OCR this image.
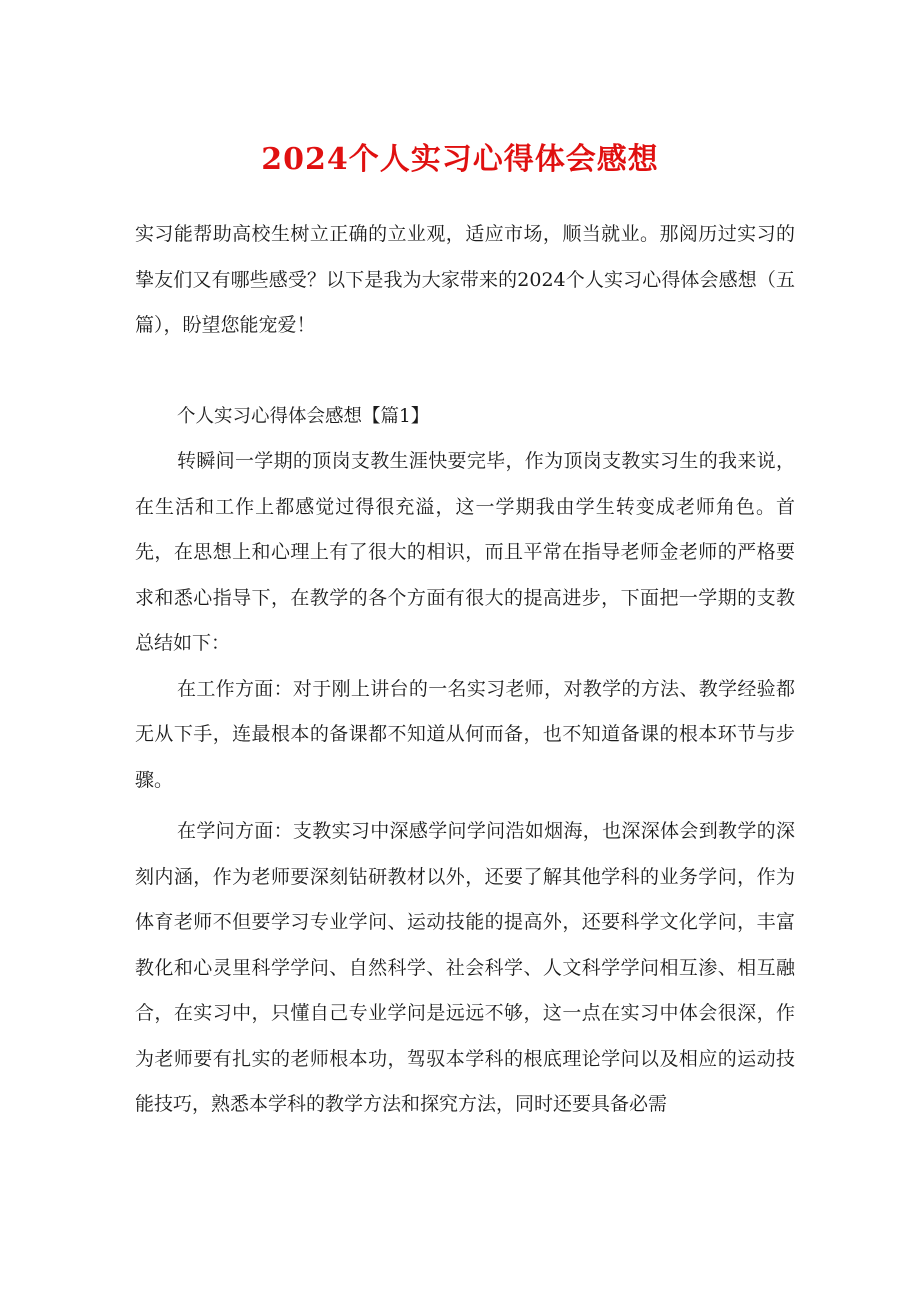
2024个人实习心得体会感想

实习能帮助高校生树立正确的立业观，适应市场，顺当就业。那阅历过实习的挚友们又有哪些感受？以下是我为大家带来的2024个人实习心得体会感想（五篇），盼望您能宠爱！

个人实习心得体会感想【篇1】

转瞬间一学期的顶岗支教生涯快要完毕，作为顶岗支教实习生的我来说，在生活和工作上都感觉过得很充溢，这一学期我由学生转变成老师角色。首先，在思想上和心理上有了很大的相识，而且平常在指导老师金老师的严格要求和悉心指导下，在教学的各个方面有很大的提高进步，下面把一学期的支教总结如下：

在工作方面：对于刚上讲台的一名实习老师，对教学的方法、教学经验都无从下手，连最根本的备课都不知道从何而备，也不知道备课的根本环节与步骤。

在学问方面：支教实习中深感学问学问浩如烟海，也深深体会到教学的深刻内涵，作为老师要深刻钻研教材以外，还要了解其他学科的业务学问，作为体育老师不但要学习专业学问、运动技能的提高外，还要科学文化学问，丰富教化和心灵里科学学问、自然科学、社会科学、人文科学学问相互渗、相互融合，在实习中，只懂自己专业学问是远远不够，这一点在实习中体会很深，作为老师要有扎实的老师根本功，驾驭本学科的根底理论学问以及相应的运动技能技巧，熟悉本学科的教学方法和探究方法，同时还要具备必需
